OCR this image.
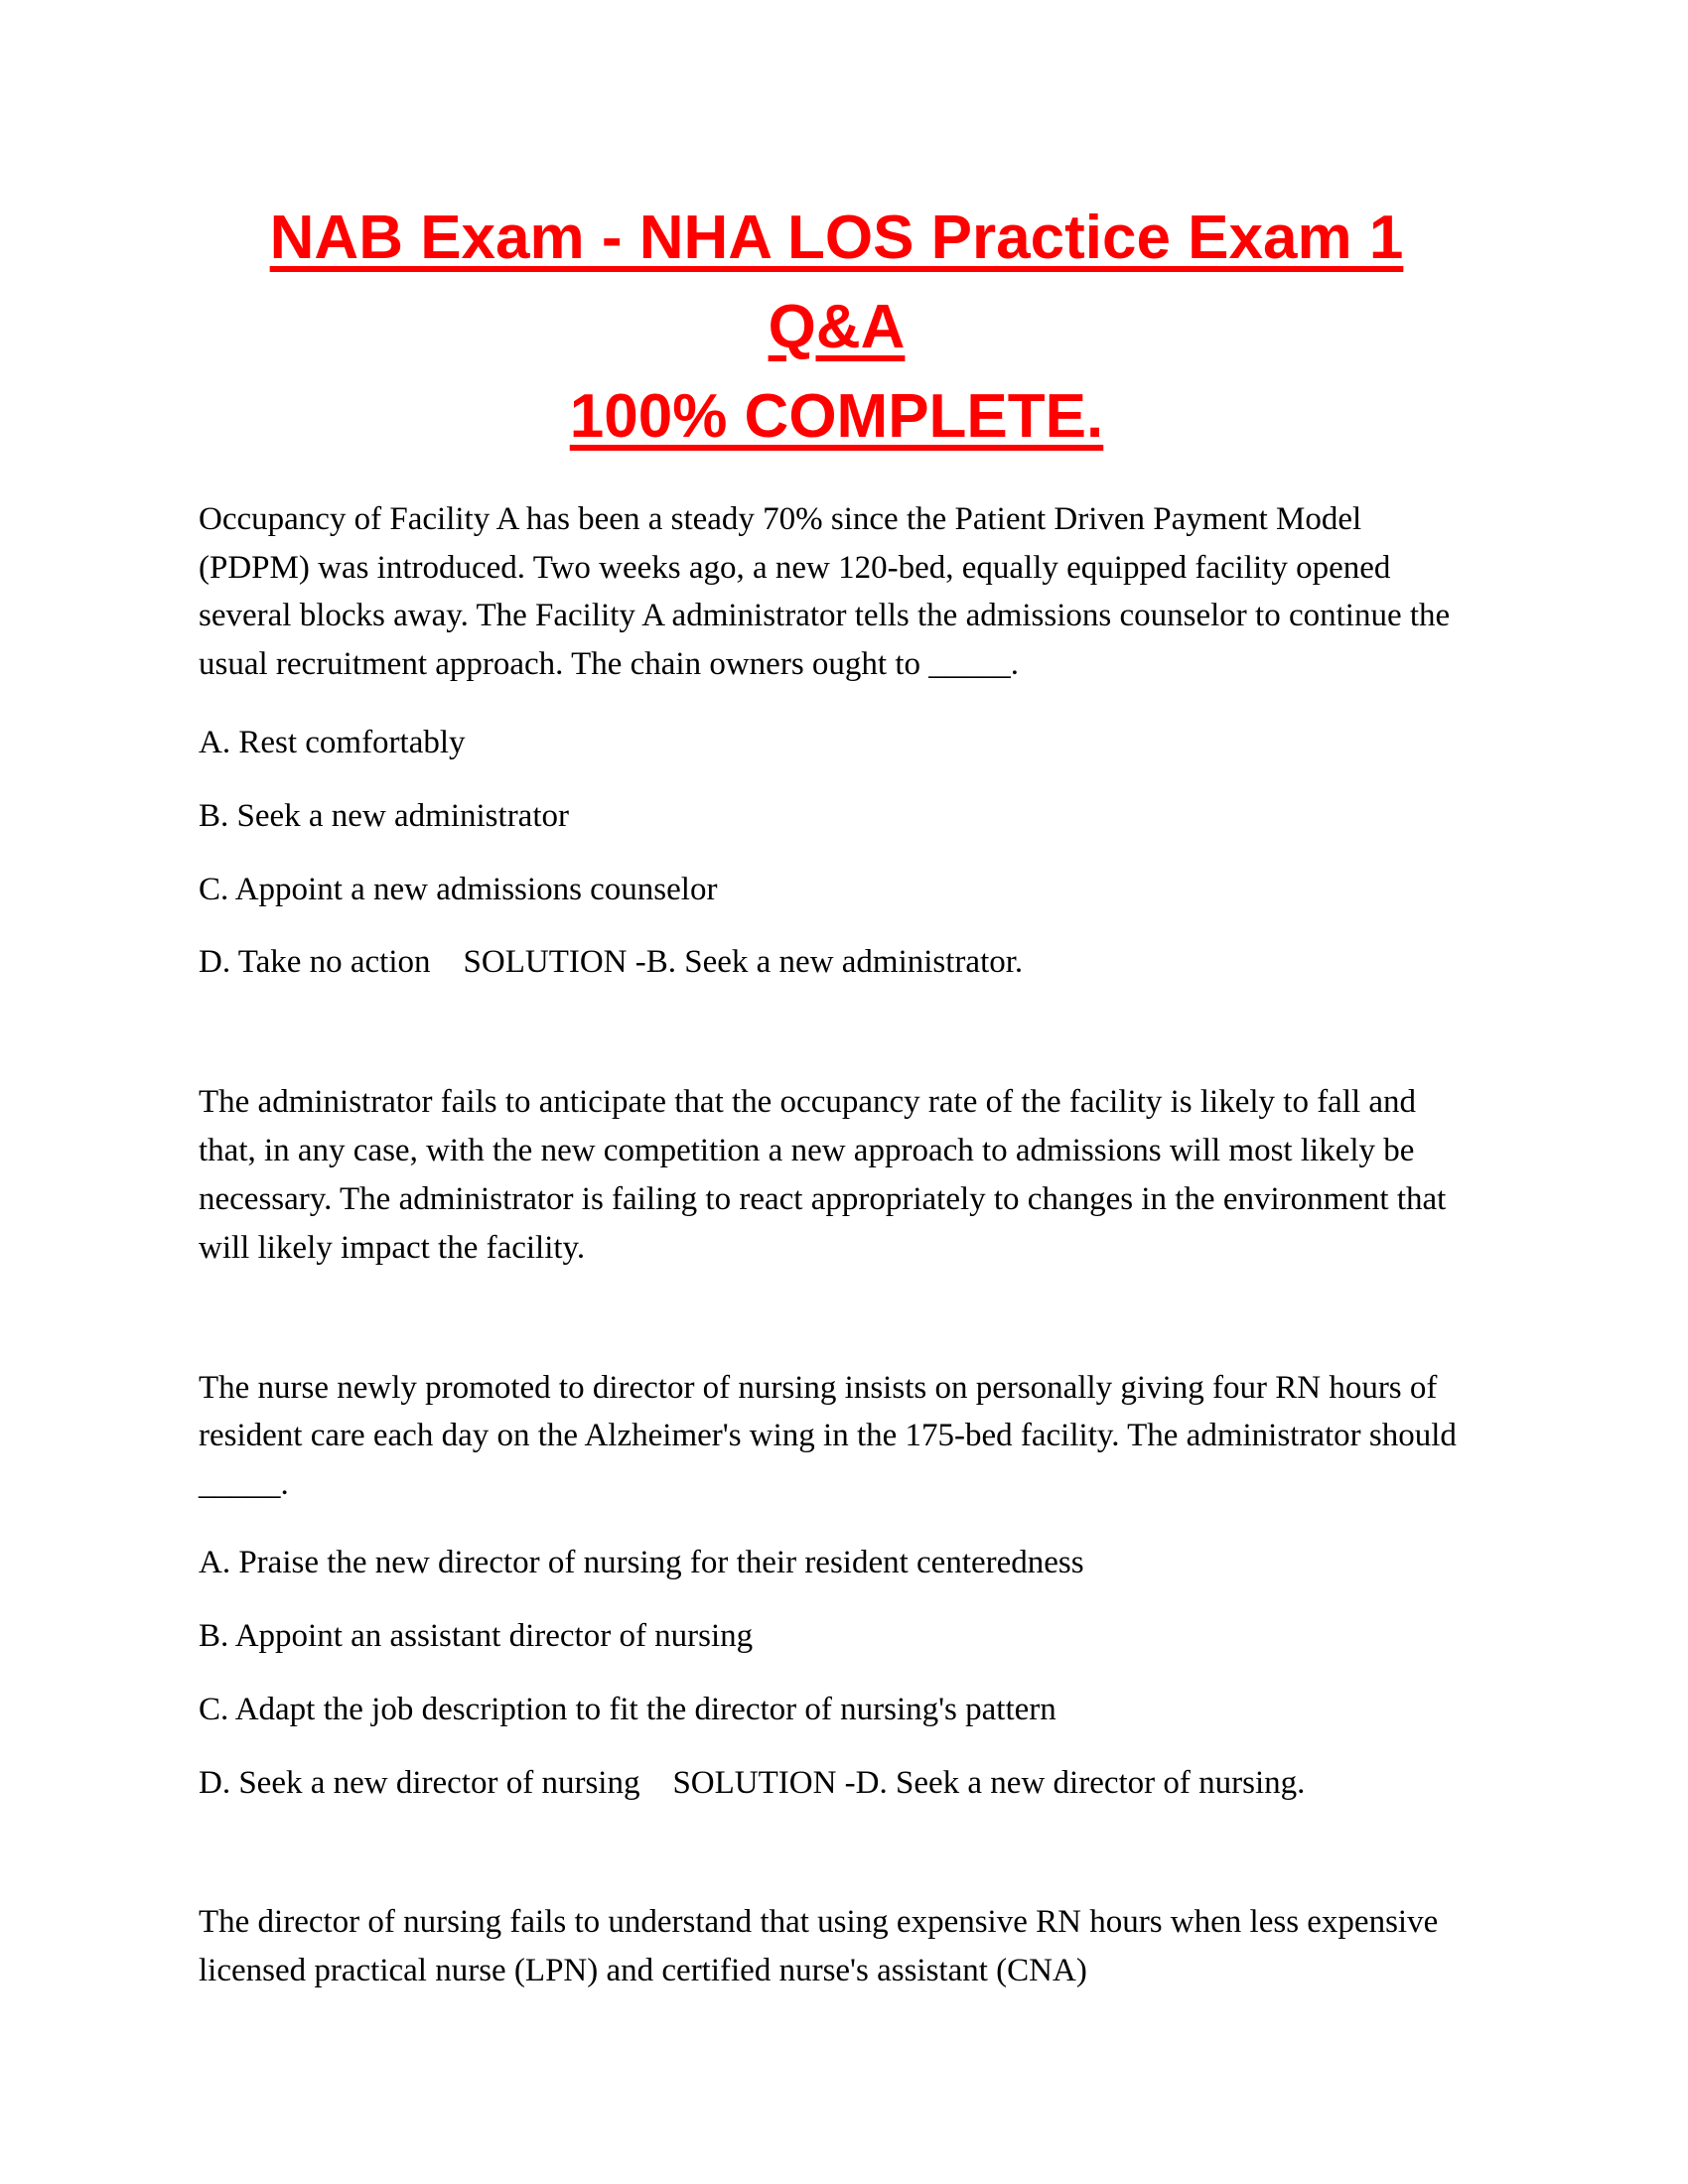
NAB Exam - NHA LOS Practice Exam 1 Q&A
100% COMPLETE.

Occupancy of Facility A has been a steady 70% since the Patient Driven Payment Model (PDPM) was introduced. Two weeks ago, a new 120-bed, equally equipped facility opened several blocks away. The Facility A administrator tells the admissions counselor to continue the usual recruitment approach. The chain owners ought to _____.

A. Rest comfortably

B. Seek a new administrator

C. Appoint a new admissions counselor

D. Take no action    SOLUTION -B. Seek a new administrator.

The administrator fails to anticipate that the occupancy rate of the facility is likely to fall and that, in any case, with the new competition a new approach to admissions will most likely be necessary. The administrator is failing to react appropriately to changes in the environment that will likely impact the facility.

The nurse newly promoted to director of nursing insists on personally giving four RN hours of resident care each day on the Alzheimer's wing in the 175-bed facility. The administrator should _____.

A. Praise the new director of nursing for their resident centeredness

B. Appoint an assistant director of nursing

C. Adapt the job description to fit the director of nursing's pattern

D. Seek a new director of nursing    SOLUTION -D. Seek a new director of nursing.

The director of nursing fails to understand that using expensive RN hours when less expensive licensed practical nurse (LPN) and certified nurse's assistant (CNA)
